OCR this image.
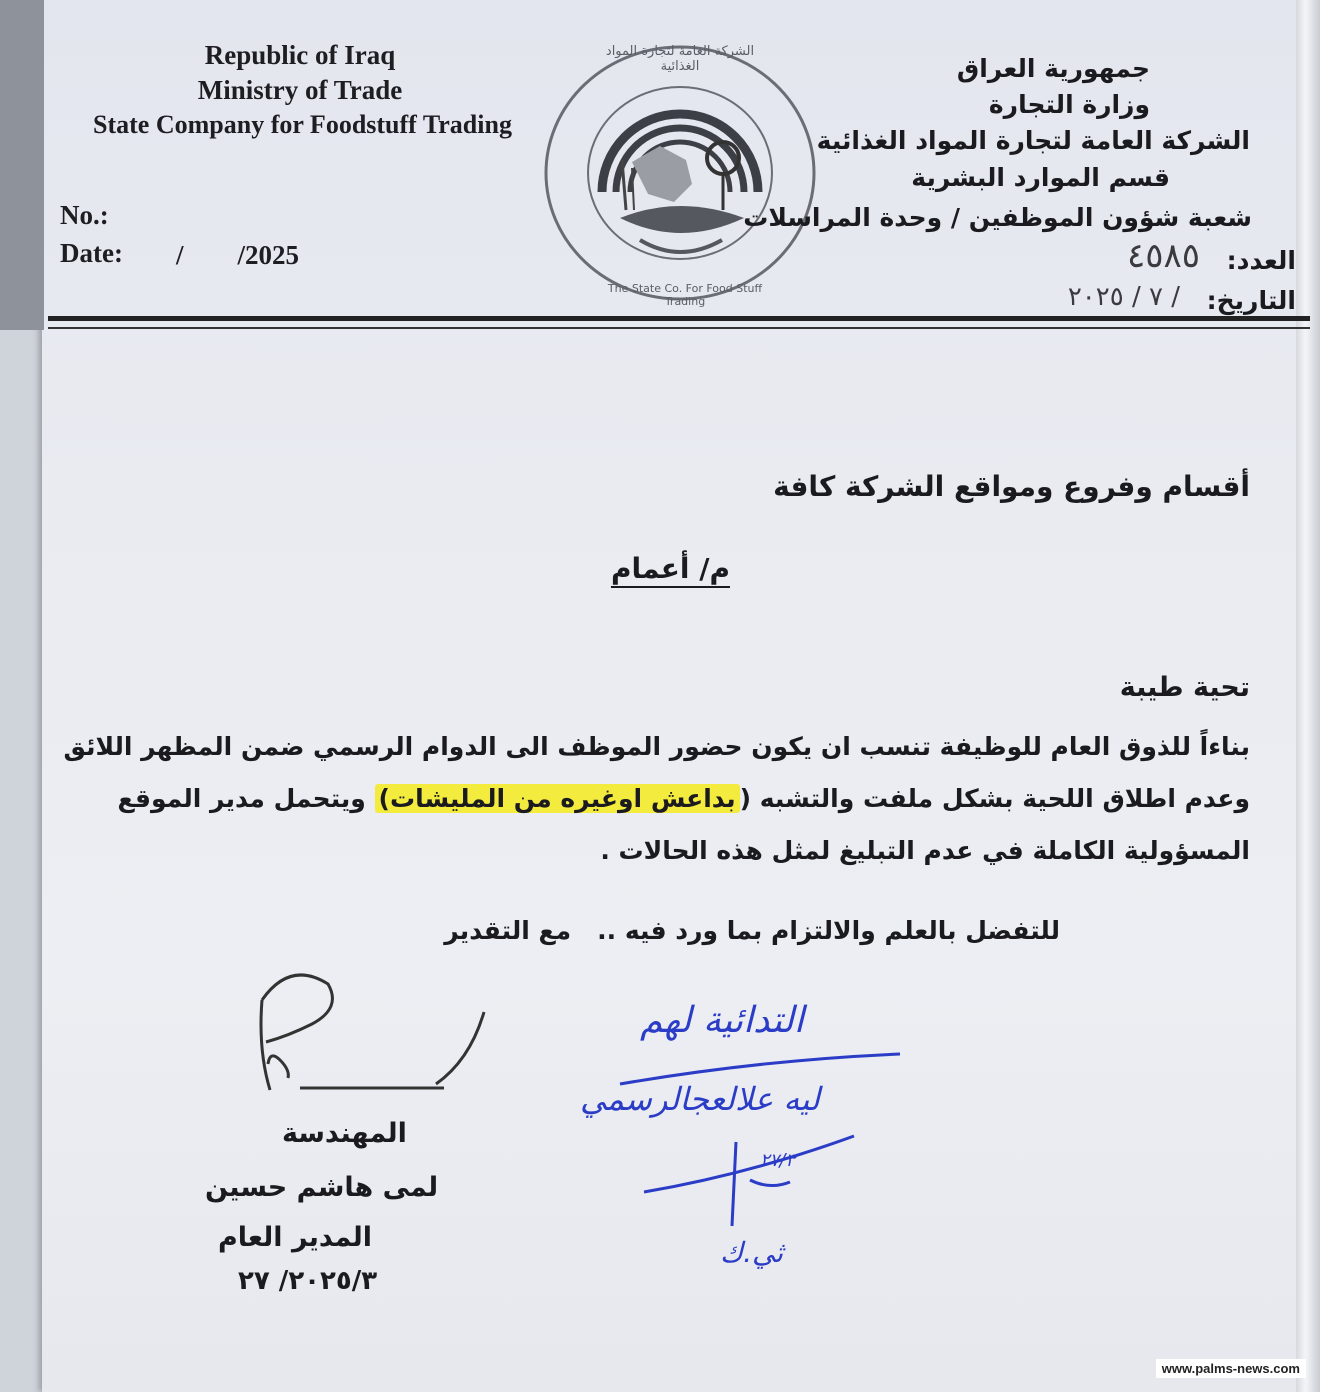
Republic of Iraq
Ministry of Trade
State Company for Foodstuff Trading
No.:
Date: /        /2025
الشركة العامة لتجارة المواد الغذائية
The State Co. For Food Stuff Trading
جمهورية العراق
وزارة التجارة
الشركة العامة لتجارة المواد الغذائية
قسم الموارد البشرية
شعبة شؤون الموظفين / وحدة المراسلات
العدد:
٤٥٨٥
التاريخ:
/ ٧ / ٢٠٢٥
أقسام وفروع ومواقع الشركة كافة
م/ أعمام
تحية طيبة
بناءاً للذوق العام للوظيفة تنسب ان يكون حضور الموظف الى الدوام الرسمي ضمن المظهر اللائق
وعدم اطلاق اللحية بشكل ملفت والتشبه (بداعش اوغيره من المليشات) ويتحمل مدير الموقع
المسؤولية الكاملة في عدم التبليغ لمثل هذه الحالات .
للتفضل بالعلم والالتزام بما ورد فيه ..   مع التقدير
المهندسة
لمى هاشم حسين
المدير العام
٢٠٢٥/٣/ ٢٧
التدائية لهم
ليه علالعجالرسمي
٢٧/٣
ثي.ك
www.palms-news.com
